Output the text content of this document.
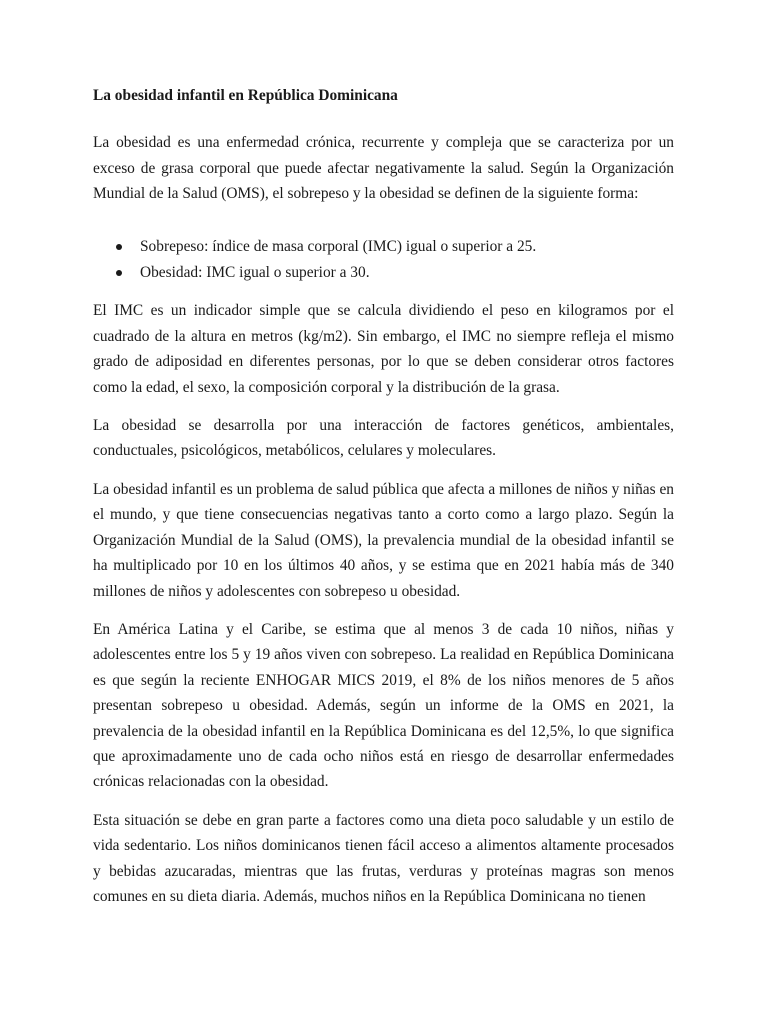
La obesidad infantil en República Dominicana

La obesidad es una enfermedad crónica, recurrente y compleja que se caracteriza por un exceso de grasa corporal que puede afectar negativamente la salud. Según la Organización Mundial de la Salud (OMS), el sobrepeso y la obesidad se definen de la siguiente forma:

Sobrepeso: índice de masa corporal (IMC) igual o superior a 25.
Obesidad: IMC igual o superior a 30.

El IMC es un indicador simple que se calcula dividiendo el peso en kilogramos por el cuadrado de la altura en metros (kg/m2). Sin embargo, el IMC no siempre refleja el mismo grado de adiposidad en diferentes personas, por lo que se deben considerar otros factores como la edad, el sexo, la composición corporal y la distribución de la grasa.

La obesidad se desarrolla por una interacción de factores genéticos, ambientales, conductuales, psicológicos, metabólicos, celulares y moleculares.

La obesidad infantil es un problema de salud pública que afecta a millones de niños y niñas en el mundo, y que tiene consecuencias negativas tanto a corto como a largo plazo. Según la Organización Mundial de la Salud (OMS), la prevalencia mundial de la obesidad infantil se ha multiplicado por 10 en los últimos 40 años, y se estima que en 2021 había más de 340 millones de niños y adolescentes con sobrepeso u obesidad.

En América Latina y el Caribe, se estima que al menos 3 de cada 10 niños, niñas y adolescentes entre los 5 y 19 años viven con sobrepeso. La realidad en República Dominicana es que según la reciente ENHOGAR MICS 2019, el 8% de los niños menores de 5 años presentan sobrepeso u obesidad. Además, según un informe de la OMS en 2021, la prevalencia de la obesidad infantil en la República Dominicana es del 12,5%, lo que significa que aproximadamente uno de cada ocho niños está en riesgo de desarrollar enfermedades crónicas relacionadas con la obesidad.

Esta situación se debe en gran parte a factores como una dieta poco saludable y un estilo de vida sedentario. Los niños dominicanos tienen fácil acceso a alimentos altamente procesados y bebidas azucaradas, mientras que las frutas, verduras y proteínas magras son menos comunes en su dieta diaria. Además, muchos niños en la República Dominicana no tienen
